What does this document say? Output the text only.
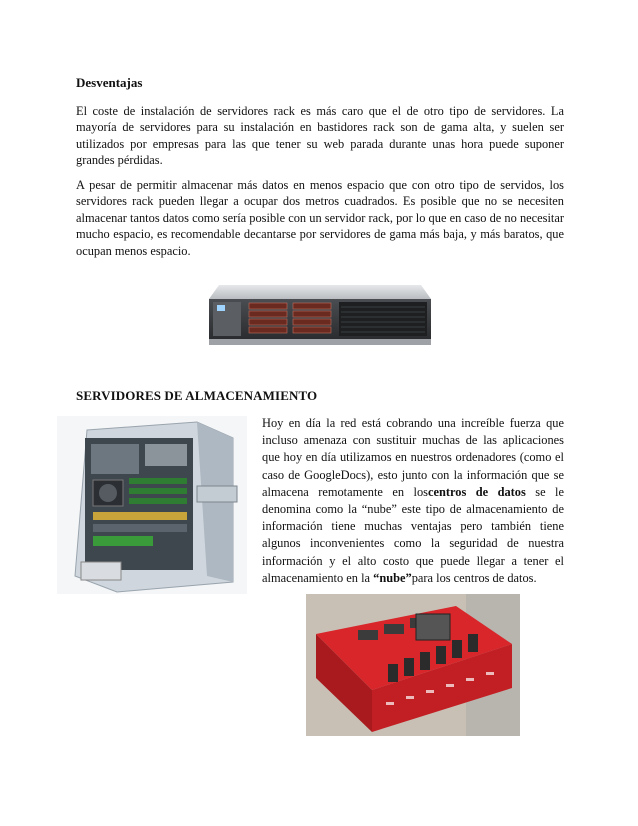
Desventajas

El coste de instalación de servidores rack es más caro que el de otro tipo de servidores. La mayoría de servidores para su instalación en bastidores rack son de gama alta, y suelen ser utilizados por empresas para las que tener su web parada durante unas hora puede suponer grandes pérdidas.

A pesar de permitir almacenar más datos en menos espacio que con otro tipo de servidos, los servidores rack pueden llegar a ocupar dos metros cuadrados. Es posible que no se necesiten almacenar tantos datos como sería posible con un servidor rack, por lo que en caso de no necesitar mucho espacio, es recomendable decantarse por servidores de gama más baja, y más baratos, que ocupan menos espacio.

SERVIDORES DE ALMACENAMIENTO

Hoy en día la red está cobrando una increíble fuerza que incluso amenaza con sustituir muchas de las aplicaciones que hoy en día utilizamos en nuestros ordenadores (como el caso de GoogleDocs), esto junto con la información que se almacena remotamente en loscentros de datos se le denomina como la “nube” este tipo de almacenamiento de información tiene muchas ventajas pero también tiene algunos inconvenientes como la seguridad de nuestra información y el alto costo que puede llegar a tener el almacenamiento en la “nube”para los centros de datos.
